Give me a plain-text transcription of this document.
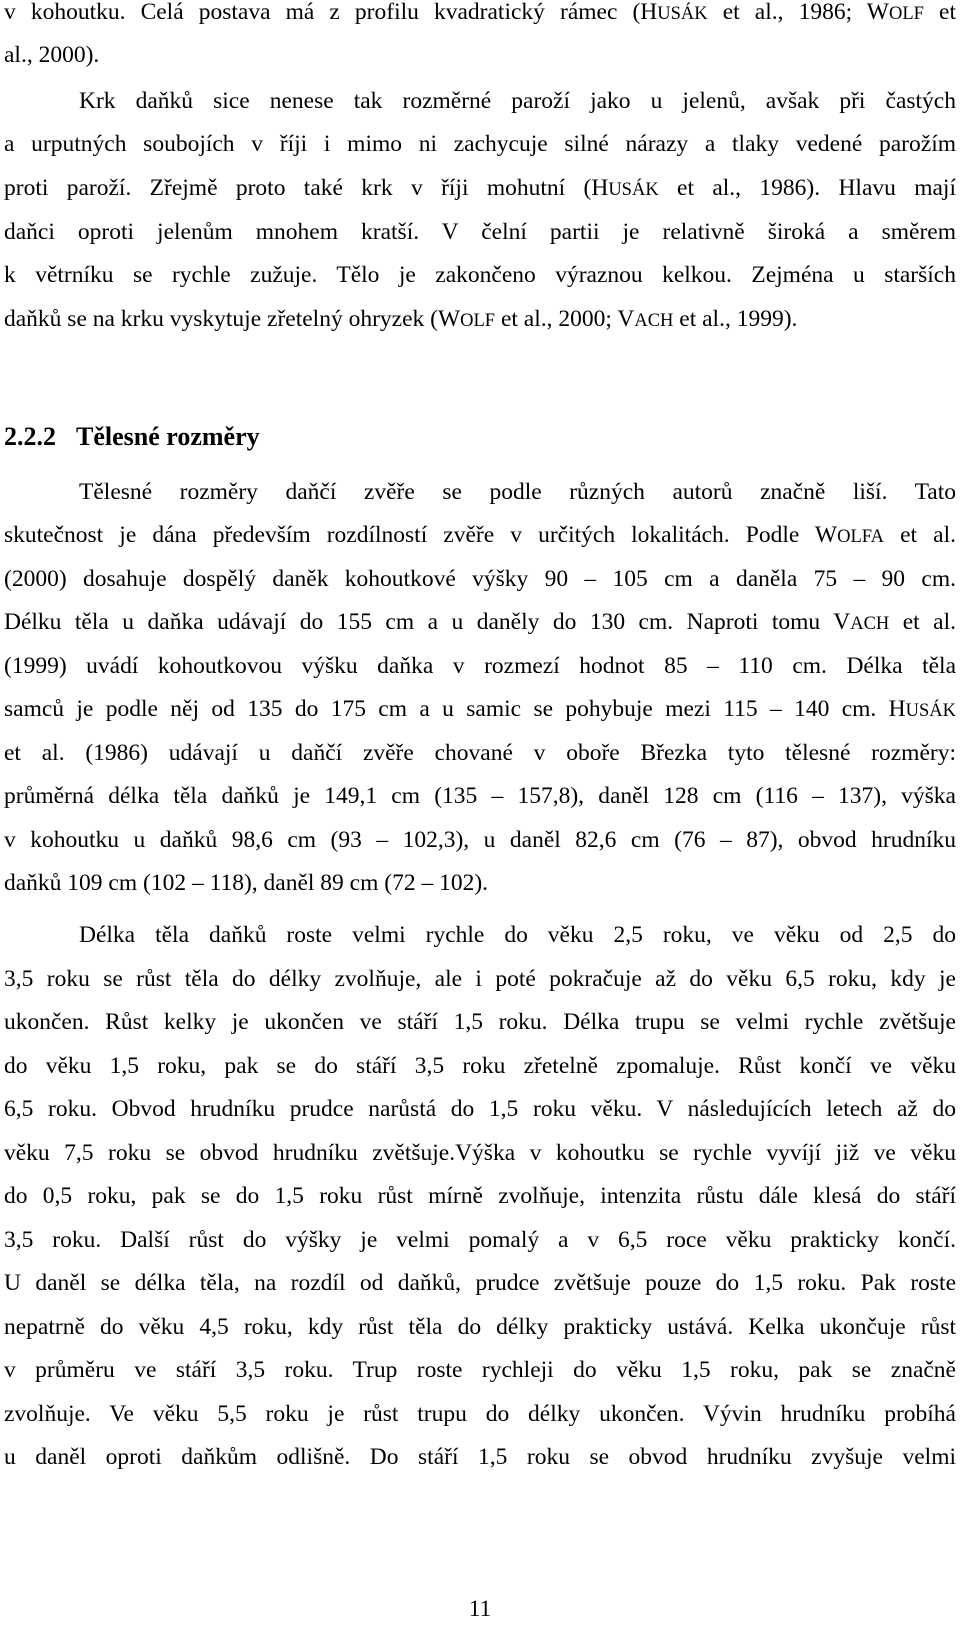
v kohoutku. Celá postava má z profilu kvadratický rámec (HUSÁK et al., 1986; WOLF et
al., 2000).
Krk daňků sice nenese tak rozměrné paroží jako u jelenů, avšak při častých
a urputných soubojích v říji i mimo ni zachycuje silné nárazy a tlaky vedené parožím
proti paroží. Zřejmě proto také krk v říji mohutní (HUSÁK et al., 1986). Hlavu mají
daňci oproti jelenům mnohem kratší. V čelní partii je relativně široká a směrem
k větrníku se rychle zužuje. Tělo je zakončeno výraznou kelkou. Zejména u starších
daňků se na krku vyskytuje zřetelný ohryzek (WOLF et al., 2000; VACH et al., 1999).
2.2.2 Tělesné rozměry
Tělesné rozměry daňčí zvěře se podle různých autorů značně liší. Tato
skutečnost je dána především rozdílností zvěře v určitých lokalitách. Podle WOLFA et al.
(2000) dosahuje dospělý daněk kohoutkové výšky 90 – 105 cm a daněla 75 – 90 cm.
Délku těla u daňka udávají do 155 cm a u daněly do 130 cm. Naproti tomu VACH et al.
(1999) uvádí kohoutkovou výšku daňka v rozmezí hodnot 85 – 110 cm. Délka těla
samců je podle něj od 135 do 175 cm a u samic se pohybuje mezi 115 – 140 cm. HUSÁK
et al. (1986) udávají u daňčí zvěře chované v oboře Březka tyto tělesné rozměry:
průměrná délka těla daňků je 149,1 cm (135 – 157,8), daněl 128 cm (116 – 137), výška
v kohoutku u daňků 98,6 cm (93 – 102,3), u daněl 82,6 cm (76 – 87), obvod hrudníku
daňků 109 cm (102 – 118), daněl 89 cm (72 – 102).
Délka těla daňků roste velmi rychle do věku 2,5 roku, ve věku od 2,5 do
3,5 roku se růst těla do délky zvolňuje, ale i poté pokračuje až do věku 6,5 roku, kdy je
ukončen. Růst kelky je ukončen ve stáří 1,5 roku. Délka trupu se velmi rychle zvětšuje
do věku 1,5 roku, pak se do stáří 3,5 roku zřetelně zpomaluje. Růst končí ve věku
6,5 roku. Obvod hrudníku prudce narůstá do 1,5 roku věku. V následujících letech až do
věku 7,5 roku se obvod hrudníku zvětšuje.Výška v kohoutku se rychle vyvíjí již ve věku
do 0,5 roku, pak se do 1,5 roku růst mírně zvolňuje, intenzita růstu dále klesá do stáří
3,5 roku. Další růst do výšky je velmi pomalý a v 6,5 roce věku prakticky končí.
U daněl se délka těla, na rozdíl od daňků, prudce zvětšuje pouze do 1,5 roku. Pak roste
nepatrně do věku 4,5 roku, kdy růst těla do délky prakticky ustává. Kelka ukončuje růst
v průměru ve stáří 3,5 roku. Trup roste rychleji do věku 1,5 roku, pak se značně
zvolňuje. Ve věku 5,5 roku je růst trupu do délky ukončen. Vývin hrudníku probíhá
u daněl oproti daňkům odlišně. Do stáří 1,5 roku se obvod hrudníku zvyšuje velmi
11
